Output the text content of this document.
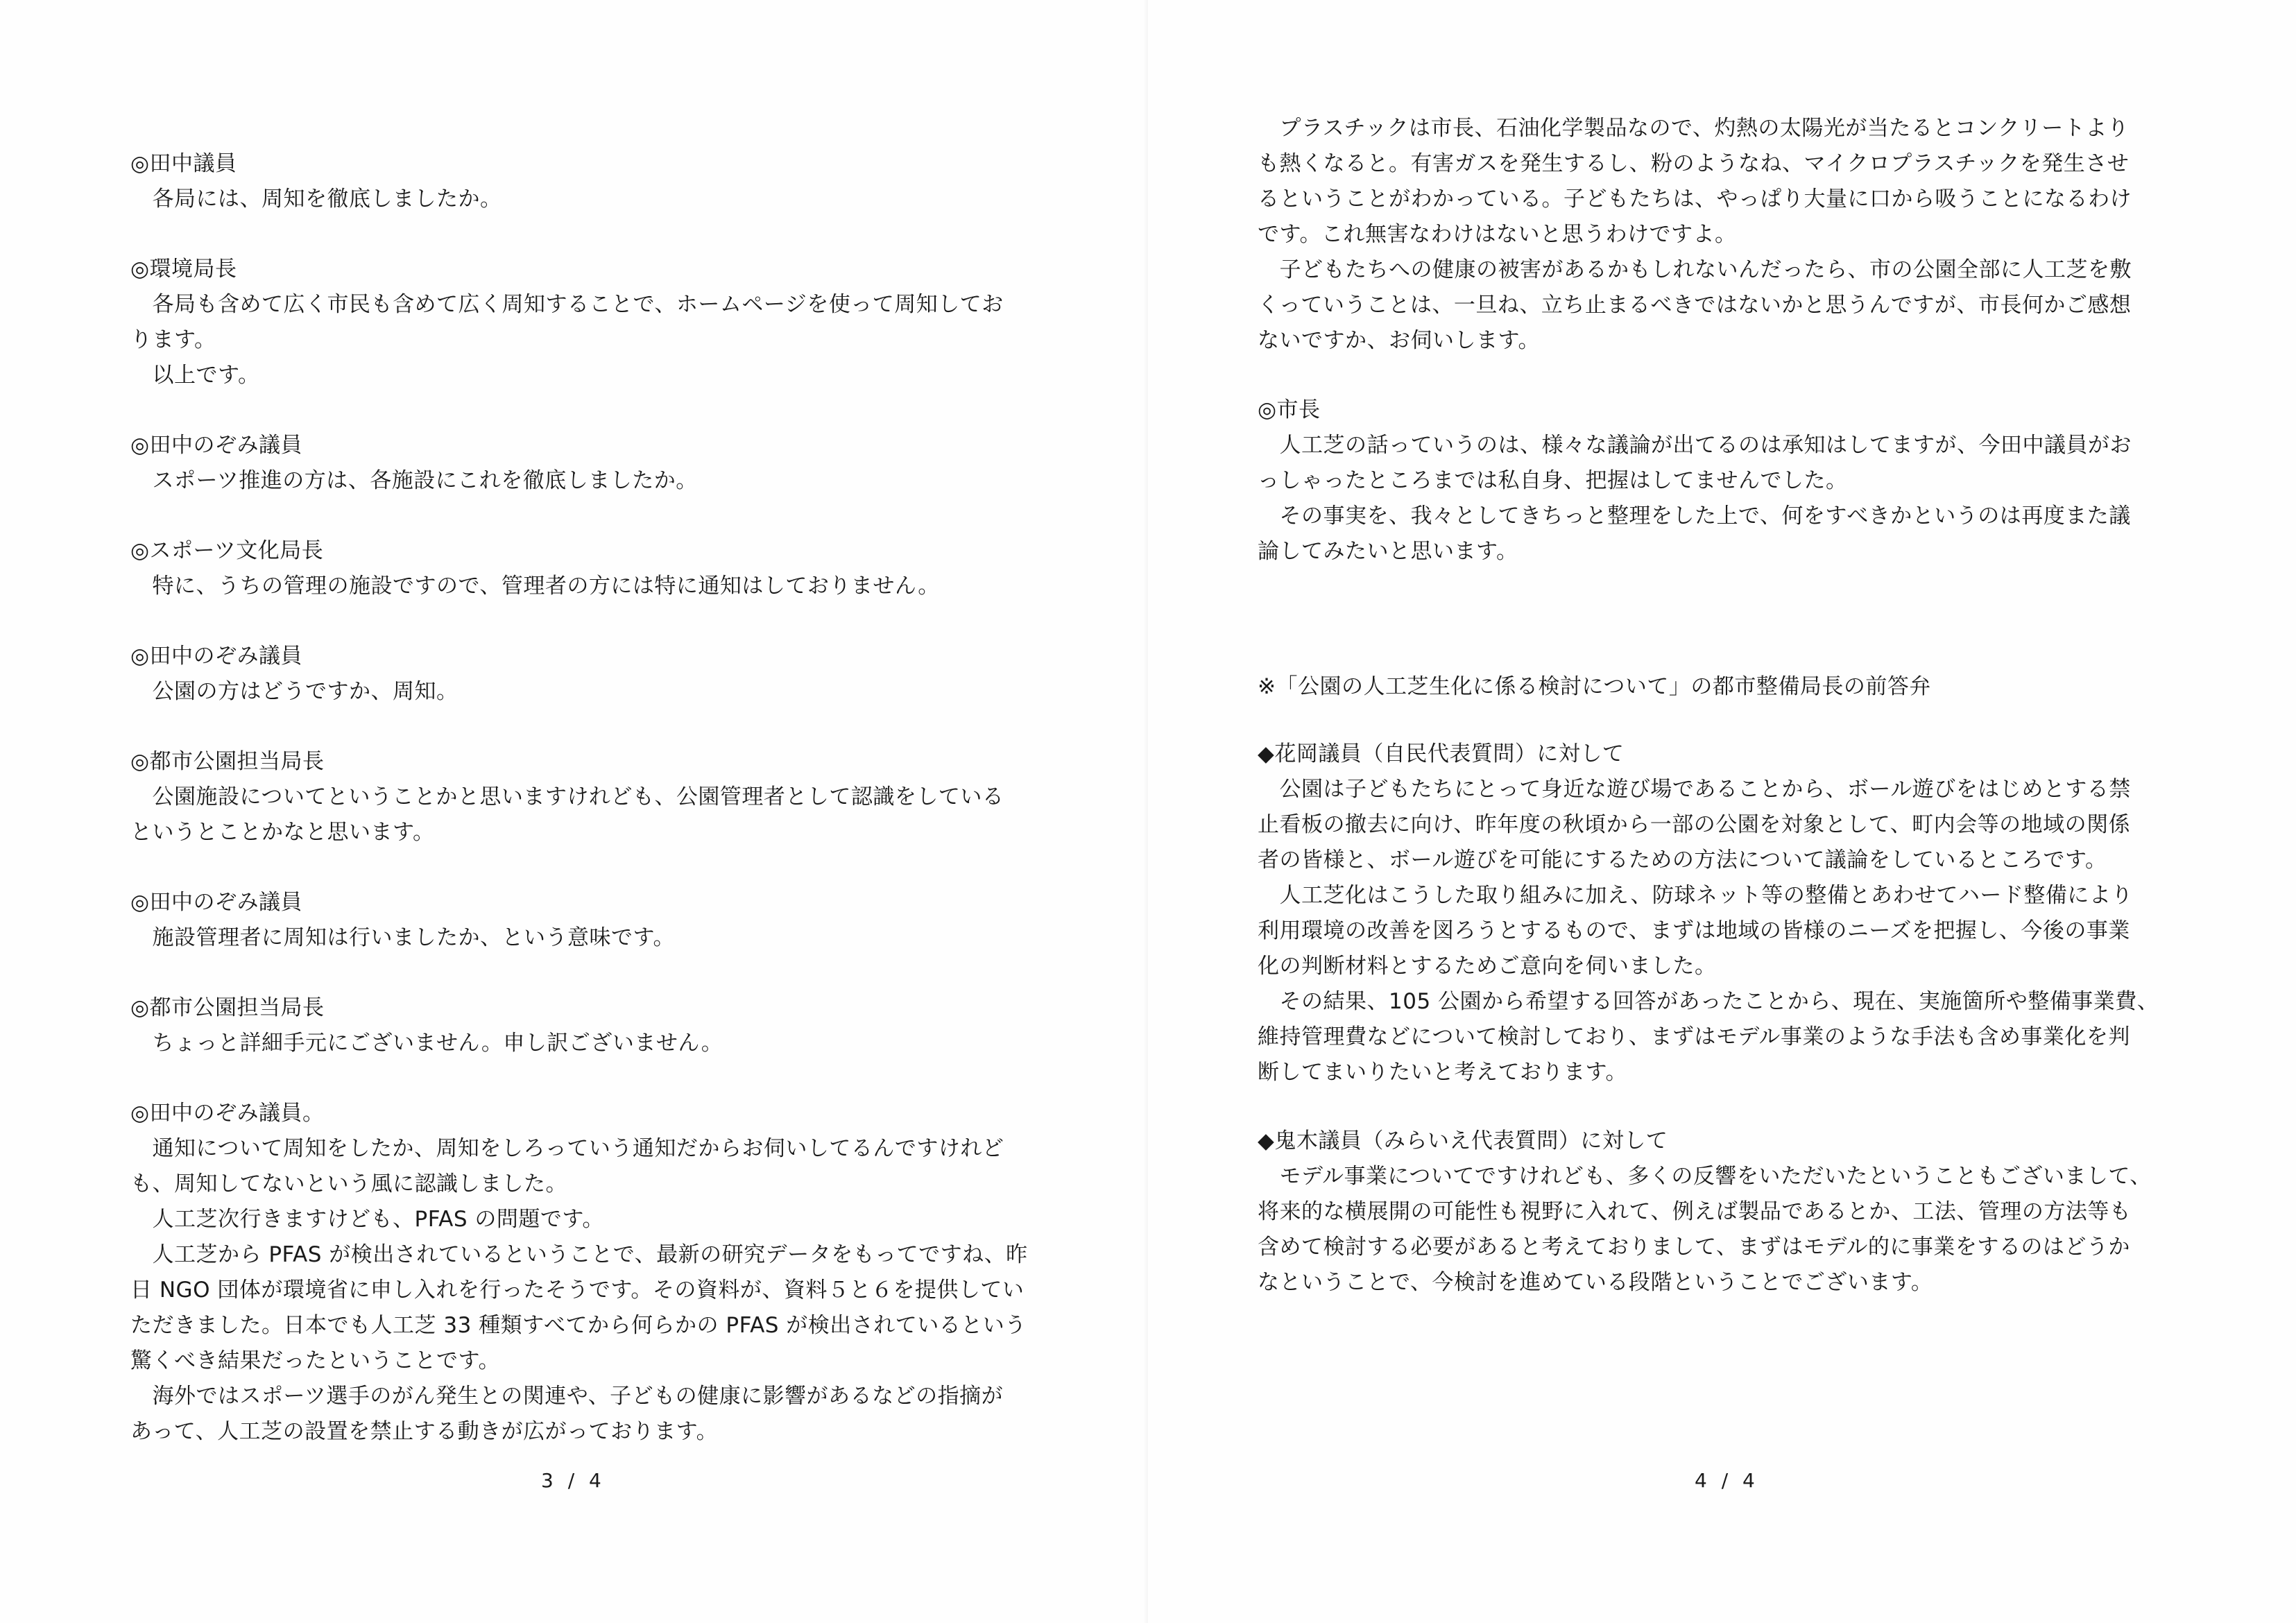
◎田中議員
　各局には、周知を徹底しましたか。
◎環境局長
　各局も含めて広く市民も含めて広く周知することで、ホームページを使って周知してお
ります。
　以上です。
◎田中のぞみ議員
　スポーツ推進の方は、各施設にこれを徹底しましたか。
◎スポーツ文化局長
　特に、うちの管理の施設ですので、管理者の方には特に通知はしておりません。
◎田中のぞみ議員
　公園の方はどうですか、周知。
◎都市公園担当局長
　公園施設についてということかと思いますけれども、公園管理者として認識をしている
というとことかなと思います。
◎田中のぞみ議員
　施設管理者に周知は行いましたか、という意味です。
◎都市公園担当局長
　ちょっと詳細手元にございません。申し訳ございません。
◎田中のぞみ議員。
　通知について周知をしたか、周知をしろっていう通知だからお伺いしてるんですけれど
も、周知してないという風に認識しました。
　人工芝次行きますけども、PFAS の問題です。
　人工芝から PFAS が検出されているということで、最新の研究データをもってですね、昨
日 NGO 団体が環境省に申し入れを行ったそうです。その資料が、資料５と６を提供してい
ただきました。日本でも人工芝 33 種類すべてから何らかの PFAS が検出されているという
驚くべき結果だったということです。
　海外ではスポーツ選手のがん発生との関連や、子どもの健康に影響があるなどの指摘が
あって、人工芝の設置を禁止する動きが広がっております。
3 / 4
　プラスチックは市長、石油化学製品なので、灼熱の太陽光が当たるとコンクリートより
も熱くなると。有害ガスを発生するし、粉のようなね、マイクロプラスチックを発生させ
るということがわかっている。子どもたちは、やっぱり大量に口から吸うことになるわけ
です。これ無害なわけはないと思うわけですよ。
　子どもたちへの健康の被害があるかもしれないんだったら、市の公園全部に人工芝を敷
くっていうことは、一旦ね、立ち止まるべきではないかと思うんですが、市長何かご感想
ないですか、お伺いします。
◎市長
　人工芝の話っていうのは、様々な議論が出てるのは承知はしてますが、今田中議員がお
っしゃったところまでは私自身、把握はしてませんでした。
　その事実を、我々としてきちっと整理をした上で、何をすべきかというのは再度また議
論してみたいと思います。
※「公園の人工芝生化に係る検討について」の都市整備局長の前答弁
◆花岡議員（自民代表質問）に対して
　公園は子どもたちにとって身近な遊び場であることから、ボール遊びをはじめとする禁
止看板の撤去に向け、昨年度の秋頃から一部の公園を対象として、町内会等の地域の関係
者の皆様と、ボール遊びを可能にするための方法について議論をしているところです。
　人工芝化はこうした取り組みに加え、防球ネット等の整備とあわせてハード整備により
利用環境の改善を図ろうとするもので、まずは地域の皆様のニーズを把握し、今後の事業
化の判断材料とするためご意向を伺いました。
　その結果、105 公園から希望する回答があったことから、現在、実施箇所や整備事業費、
維持管理費などについて検討しており、まずはモデル事業のような手法も含め事業化を判
断してまいりたいと考えております。
◆鬼木議員（みらいえ代表質問）に対して
　モデル事業についてですけれども、多くの反響をいただいたということもございまして、
将来的な横展開の可能性も視野に入れて、例えば製品であるとか、工法、管理の方法等も
含めて検討する必要があると考えておりまして、まずはモデル的に事業をするのはどうか
なということで、今検討を進めている段階ということでございます。
4 / 4
